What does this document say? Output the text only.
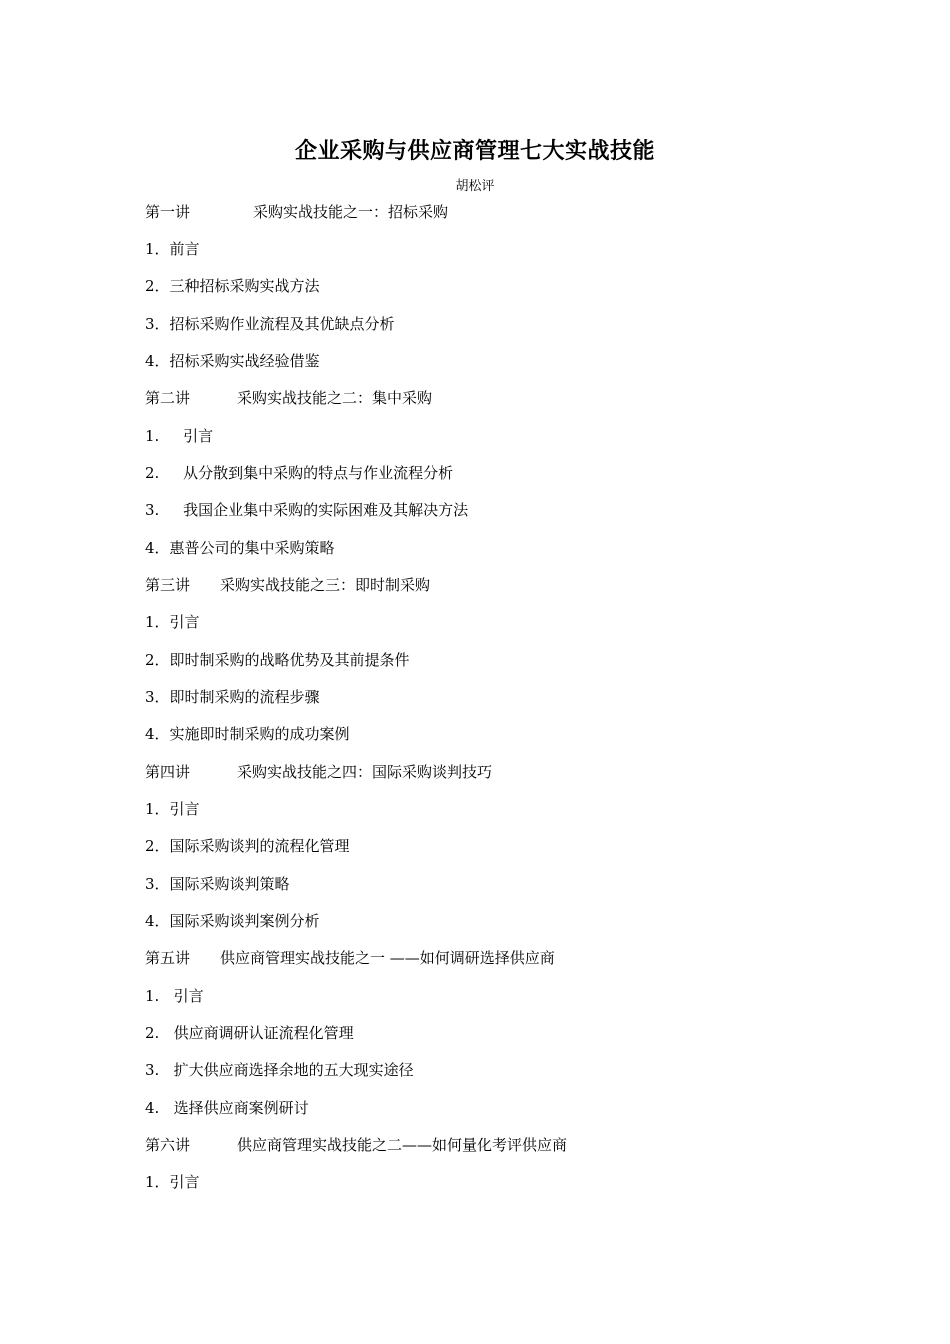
企业采购与供应商管理七大实战技能
胡松评
第一讲	采购实战技能之一：招标采购
1．前言
2．三种招标采购实战方法
3．招标采购作业流程及其优缺点分析
4．招标采购实战经验借鉴
第二讲	采购实战技能之二：集中采购
1.     引言
2.     从分散到集中采购的特点与作业流程分析
3.     我国企业集中采购的实际困难及其解决方法
4．惠普公司的集中采购策略
第三讲 采购实战技能之三：即时制采购
1．引言
2．即时制采购的战略优势及其前提条件
3．即时制采购的流程步骤
4．实施即时制采购的成功案例
第四讲	采购实战技能之四：国际采购谈判技巧
1．引言
2．国际采购谈判的流程化管理
3．国际采购谈判策略
4．国际采购谈判案例分析
第五讲 供应商管理实战技能之一 ——如何调研选择供应商
1.   引言
2.   供应商调研认证流程化管理
3.   扩大供应商选择余地的五大现实途径
4.   选择供应商案例研讨
第六讲	供应商管理实战技能之二——如何量化考评供应商
1．引言
